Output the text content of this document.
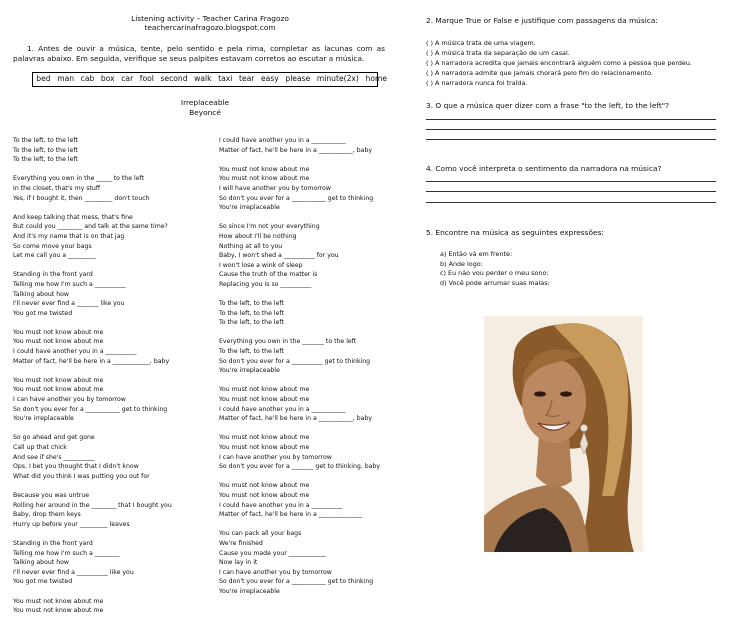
Listening activity – Teacher Carina Fragozo
teachercarinafragozo.blogspot.com
1. Antes de ouvir a música, tente, pelo sentido e pela rima, completar as lacunas com as palavras abaixo. Em seguida, verifique se seus palpites estavam corretos ao escutar a música.
bed man cab box car fool second walk taxi tear easy please minute(2x) home
Irreplaceable
Beyoncé
To the left, to the left
To the left, to the left
To the left, to the left
Everything you own in the _____ to the left
In the closet, that's my stuff
Yes, if I bought it, then _________ don't touch
And keep talking that mess, that's fine
But could you ________ and talk at the same time?
And it's my name that is on that jag
So come move your bags
Let me call you a _________
Standing in the front yard
Telling me how I'm such a __________
Talking about how
I'll never ever find a _______ like you
You got me twisted
You must not know about me
You must not know about me
I could have another you in a __________
Matter of fact, he'll be here in a ____________, baby
You must not know about me
You must not know about me
I can have another you by tomorrow
So don't you ever for a ___________ get to thinking
You're irreplaceable
So go ahead and get gone
Call up that chick
And see if she's __________
Ops, I bet you thought that I didn't know
What did you think I was putting you out for
Because you was untrue
Rolling her around in the ________ that I bought you
Baby, drop them keys
Hurry up before your _________ leaves
Standing in the front yard
Telling me how I'm such a ________
Talking about how
I'll never ever find a __________ like you
You got me twisted
You must not know about me
You must not know about me
I could have another you in a ___________
Matter of fact, he'll be here in a ___________, baby
You must not know about me
You must not know about me
I will have another you by tomorrow
So don't you ever for a ___________ get to thinking
You're irreplaceable
So since I'm not your everything
How about I'll be nothing
Nothing at all to you
Baby, I won't shed a __________ for you
I won't lose a wink of sleep
Cause the truth of the matter is
Replacing you is so __________
To the left, to the left
To the left, to the left
To the left, to the left
Everything you own in the _______ to the left
To the left, to the left
So don't you ever for a __________ get to thinking
You're irreplaceable
You must not know about me
You must not know about me
I could have another you in a ___________
Matter of fact, he'll be here in a ___________, baby
You must not know about me
You must not know about me
I can have another you by tomorrow
So don't you ever for a _______ get to thinking, baby
You must not know about me
You must not know about me
I could have another you in a __________
Matter of fact, he'll be here in a ______________
You can pack all your bags
We're finished
Cause you made your ____________
Now lay in it
I can have another you by tomorrow
So don't you ever for a ___________ get to thinking
You're irreplaceable
2. Marque True or False e justifique com passagens da música:
( ) A música trata de uma viagem.
( ) A música trata da separação de um casal.
( ) A narradora acredita que jamais encontrará alguém como a pessoa que perdeu.
( ) A narradora admite que jamais chorará pelo fim do relacionamento.
( ) A narradora nunca foi traída.
3. O que a música quer dizer com a frase "to the left, to the left"?
4. Como você interpreta o sentimento da narradora na música?
5. Encontre na música as seguintes expressões:
a) Então vá em frente:
b) Ande logo:
c) Eu não vou perder o meu sono:
d) Você pode arrumar suas malas:
